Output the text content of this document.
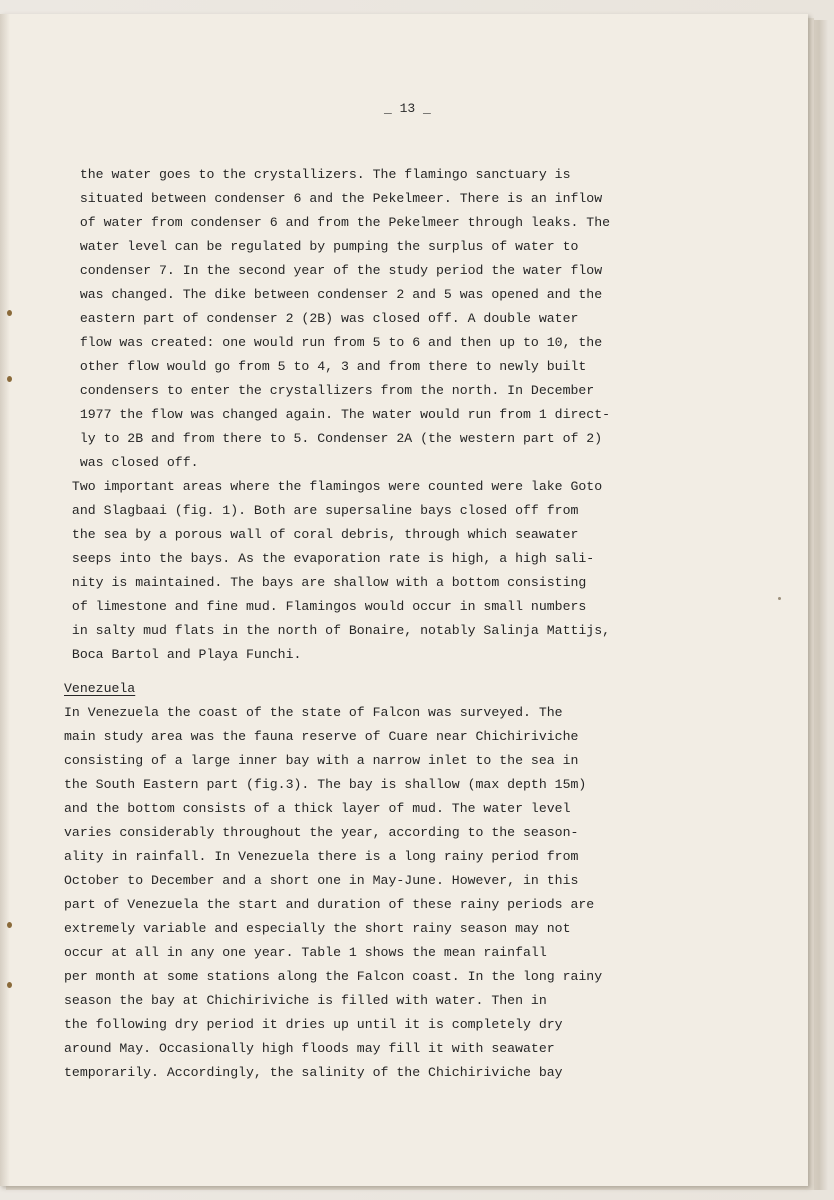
_ 13 _
the water goes to the crystallizers. The flamingo sanctuary is
situated between condenser 6 and the Pekelmeer. There is an inflow
of water from condenser 6 and from the Pekelmeer through leaks. The
water level can be regulated by pumping the surplus of water to
condenser 7. In the second year of the study period the water flow
was changed. The dike between condenser 2 and 5 was opened and the
eastern part of condenser 2 (2B) was closed off. A double water
flow was created: one would run from 5 to 6 and then up to 10, the
other flow would go from 5 to 4, 3 and from there to newly built
condensers to enter the crystallizers from the north. In December
1977 the flow was changed again. The water would run from 1 direct-
ly to 2B and from there to 5. Condenser 2A (the western part of 2)
was closed off.
Two important areas where the flamingos were counted were lake Goto
and Slagbaai (fig. 1). Both are supersaline bays closed off from
the sea by a porous wall of coral debris, through which seawater
seeps into the bays. As the evaporation rate is high, a high sali-
nity is maintained. The bays are shallow with a bottom consisting
of limestone and fine mud. Flamingos would occur in small numbers
in salty mud flats in the north of Bonaire, notably Salinja Mattijs,
Boca Bartol and Playa Funchi.
Venezuela
In Venezuela the coast of the state of Falcon was surveyed. The
main study area was the fauna reserve of Cuare near Chichiriviche
consisting of a large inner bay with a narrow inlet to the sea in
the South Eastern part (fig.3). The bay is shallow (max depth 15m)
and the bottom consists of a thick layer of mud. The water level
varies considerably throughout the year, according to the season-
ality in rainfall. In Venezuela there is a long rainy period from
October to December and a short one in May-June. However, in this
part of Venezuela the start and duration of these rainy periods are
extremely variable and especially the short rainy season may not
occur at all in any one year. Table 1 shows the mean rainfall
per month at some stations along the Falcon coast. In the long rainy
season the bay at Chichiriviche is filled with water. Then in
the following dry period it dries up until it is completely dry
around May. Occasionally high floods may fill it with seawater
temporarily. Accordingly, the salinity of the Chichiriviche bay
